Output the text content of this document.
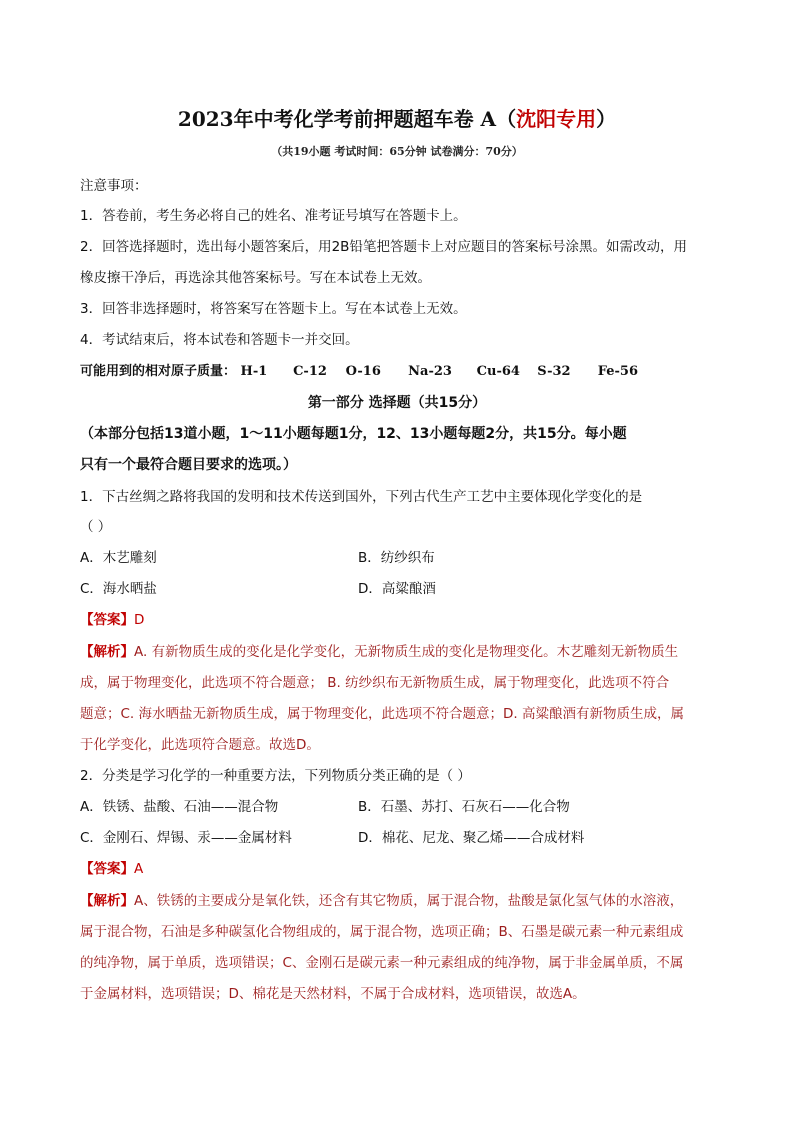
2023年中考化学考前押题超车卷 A（沈阳专用）
（共19小题 考试时间：65分钟 试卷满分：70分）
注意事项：
1．答卷前，考生务必将自己的姓名、准考证号填写在答题卡上。
2．回答选择题时，选出每小题答案后，用2B铅笔把答题卡上对应题目的答案标号涂黑。如需改动，用
橡皮擦干净后，再选涂其他答案标号。写在本试卷上无效。
3．回答非选择题时，将答案写在答题卡上。写在本试卷上无效。
4．考试结束后，将本试卷和答题卡一并交回。
可能用到的相对原子质量： H-1 C-12 O-16 Na-23 Cu-64 S-32 Fe-56
第一部分 选择题（共15分）
（本部分包括13道小题，1～11小题每题1分，12、13小题每题2分，共15分。每小题
只有一个最符合题目要求的选项。）
1．下古丝绸之路将我国的发明和技术传送到国外，下列古代生产工艺中主要体现化学变化的是
（ ）
A．木艺雕刻	B．纺纱织布
C．海水晒盐	D．高粱酿酒
【答案】D
【解析】A. 有新物质生成的变化是化学变化，无新物质生成的变化是物理变化。木艺雕刻无新物质生
成，属于物理变化，此选项不符合题意； B. 纺纱织布无新物质生成，属于物理变化，此选项不符合
题意；C. 海水晒盐无新物质生成，属于物理变化，此选项不符合题意；D. 高粱酿酒有新物质生成，属
于化学变化，此选项符合题意。故选D。
2．分类是学习化学的一种重要方法，下列物质分类正确的是（ ）
A．铁锈、盐酸、石油——混合物	B．石墨、苏打、石灰石——化合物
C．金刚石、焊锡、汞——金属材料	D．棉花、尼龙、聚乙烯——合成材料
【答案】A
【解析】A、铁锈的主要成分是氧化铁，还含有其它物质，属于混合物，盐酸是氯化氢气体的水溶液，
属于混合物，石油是多种碳氢化合物组成的，属于混合物，选项正确；B、石墨是碳元素一种元素组成
的纯净物，属于单质，选项错误；C、金刚石是碳元素一种元素组成的纯净物，属于非金属单质，不属
于金属材料，选项错误；D、棉花是天然材料，不属于合成材料，选项错误，故选A。
